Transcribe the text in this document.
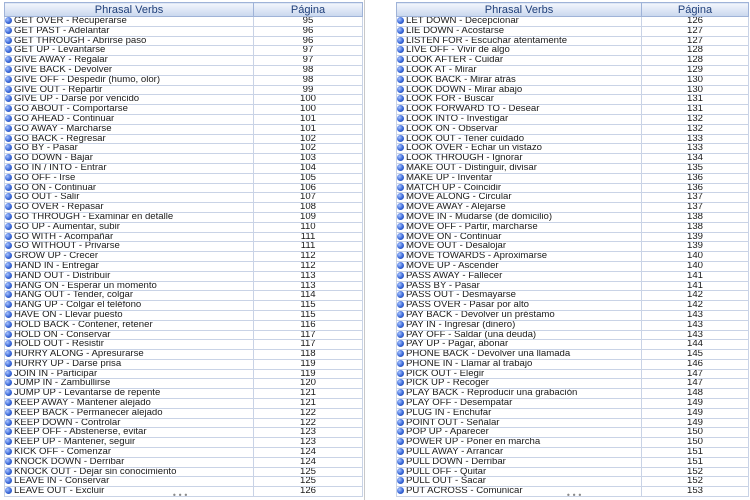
Phrasal Verbs	Página
GET OVER - Recuperarse	95
GET PAST - Adelantar	96
GET THROUGH - Abrirse paso	96
GET UP - Levantarse	97
GIVE AWAY - Regalar	97
GIVE BACK - Devolver	98
GIVE OFF - Despedir (humo, olor)	98
GIVE OUT - Repartir	99
GIVE UP - Darse por vencido	100
GO ABOUT - Comportarse	100
GO AHEAD - Continuar	101
GO AWAY - Marcharse	101
GO BACK - Regresar	102
GO BY - Pasar	102
GO DOWN - Bajar	103
GO IN / INTO - Entrar	104
GO OFF - Irse	105
GO ON - Continuar	106
GO OUT - Salir	107
GO OVER - Repasar	108
GO THROUGH - Examinar en detalle	109
GO UP - Aumentar, subir	110
GO WITH - Acompañar	111
GO WITHOUT - Privarse	111
GROW UP - Crecer	112
HAND IN - Entregar	112
HAND OUT - Distribuir	113
HANG ON - Esperar un momento	113
HANG OUT - Tender, colgar	114
HANG UP - Colgar el teléfono	115
HAVE ON - Llevar puesto	115
HOLD BACK - Contener, retener	116
HOLD ON - Conservar	117
HOLD OUT - Resistir	117
HURRY ALONG - Apresurarse	118
HURRY UP - Darse prisa	119
JOIN IN - Participar	119
JUMP IN - Zambullirse	120
JUMP UP - Levantarse de repente	121
KEEP AWAY - Mantener alejado	121
KEEP BACK - Permanecer alejado	122
KEEP DOWN - Controlar	122
KEEP OFF - Abstenerse, evitar	123
KEEP UP - Mantener, seguir	123
KICK OFF - Comenzar	124
KNOCK DOWN - Derribar	124
KNOCK OUT - Dejar sin conocimiento	125
LEAVE IN - Conservar	125
LEAVE OUT - Excluir	126
Phrasal Verbs	Página
LET DOWN - Decepcionar	126
LIE DOWN - Acostarse	127
LISTEN FOR - Escuchar atentamente	127
LIVE OFF - Vivir de algo	128
LOOK AFTER - Cuidar	128
LOOK AT - Mirar	129
LOOK BACK - Mirar atrás	130
LOOK DOWN - Mirar abajo	130
LOOK FOR - Buscar	131
LOOK FORWARD TO - Desear	131
LOOK INTO - Investigar	132
LOOK ON - Observar	132
LOOK OUT - Tener cuidado	133
LOOK OVER - Echar un vistazo	133
LOOK THROUGH - Ignorar	134
MAKE OUT - Distinguir, divisar	135
MAKE UP - Inventar	136
MATCH UP - Coincidir	136
MOVE ALONG - Circular	137
MOVE AWAY - Alejarse	137
MOVE IN - Mudarse (de domicilio)	138
MOVE OFF - Partir, marcharse	138
MOVE ON - Continuar	139
MOVE OUT - Desalojar	139
MOVE TOWARDS - Aproximarse	140
MOVE UP - Ascender	140
PASS AWAY - Fallecer	141
PASS BY - Pasar	141
PASS OUT - Desmayarse	142
PASS OVER - Pasar por alto	142
PAY BACK - Devolver un préstamo	143
PAY IN - Ingresar (dinero)	143
PAY OFF - Saldar (una deuda)	143
PAY UP - Pagar, abonar	144
PHONE BACK - Devolver una llamada	145
PHONE IN - Llamar al trabajo	146
PICK OUT - Elegir	147
PICK UP - Recoger	147
PLAY BACK - Reproducir una grabación	148
PLAY OFF - Desempatar	149
PLUG IN - Enchufar	149
POINT OUT - Señalar	149
POP UP - Aparecer	150
POWER UP - Poner en marcha	150
PULL AWAY - Arrancar	151
PULL DOWN - Derribar	151
PULL OFF - Quitar	152
PULL OUT - Sacar	152
PUT ACROSS - Comunicar	153
•••	•••
